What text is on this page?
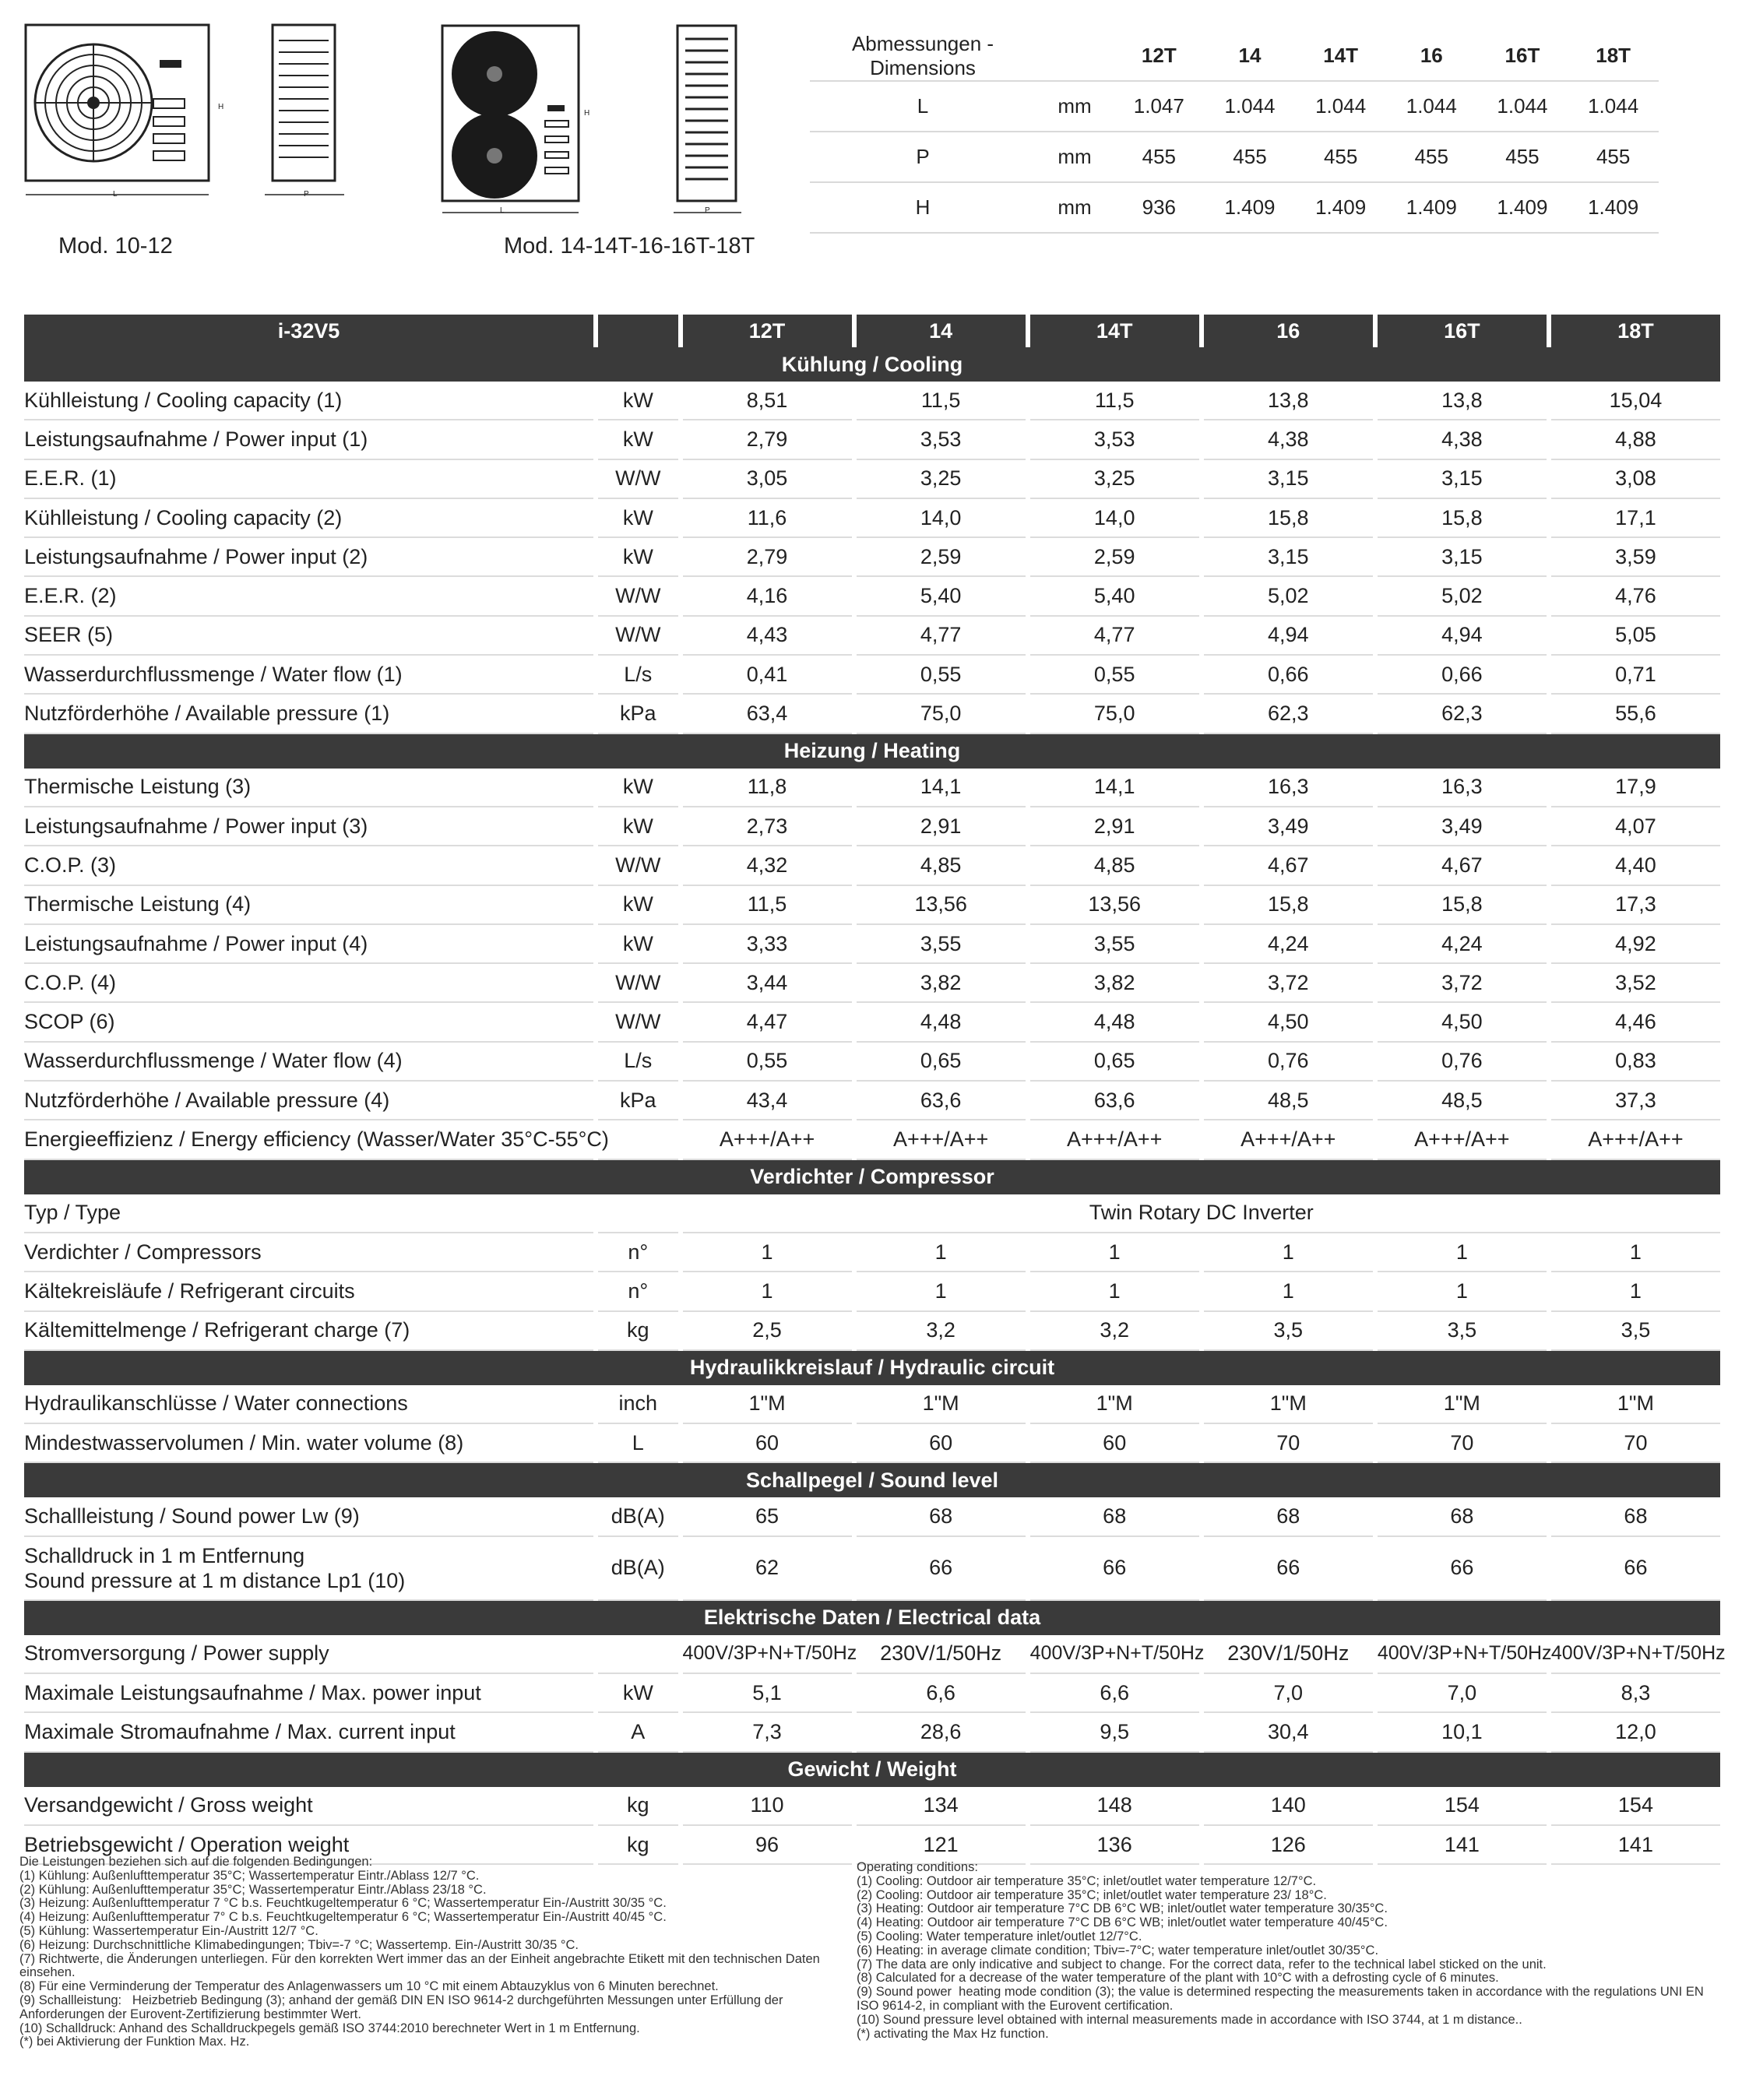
L
H
P
Mod. 10-12
L
H
P
Mod. 14-14T-16-16T-18T
Abmessungen - Dimensions		12T	14	14T	16	16T	18T
L	mm	1.047	1.044	1.044	1.044	1.044	1.044
P	mm	455	455	455	455	455	455
H	mm	936	1.409	1.409	1.409	1.409	1.409
i-32V5		12T	14	14T	16	16T	18T
Kühlung / Cooling							
Kühlleistung / Cooling capacity (1)	kW	8,51	11,5	11,5	13,8	13,8	15,04
Leistungsaufnahme / Power input (1)	kW	2,79	3,53	3,53	4,38	4,38	4,88
E.E.R. (1)	W/W	3,05	3,25	3,25	3,15	3,15	3,08
Kühlleistung / Cooling capacity (2)	kW	11,6	14,0	14,0	15,8	15,8	17,1
Leistungsaufnahme / Power input (2)	kW	2,79	2,59	2,59	3,15	3,15	3,59
E.E.R. (2)	W/W	4,16	5,40	5,40	5,02	5,02	4,76
SEER (5)	W/W	4,43	4,77	4,77	4,94	4,94	5,05
Wasserdurchflussmenge / Water flow (1)	L/s	0,41	0,55	0,55	0,66	0,66	0,71
Nutzförderhöhe / Available pressure (1)	kPa	63,4	75,0	75,0	62,3	62,3	55,6
Heizung / Heating							
Thermische Leistung (3)	kW	11,8	14,1	14,1	16,3	16,3	17,9
Leistungsaufnahme / Power input (3)	kW	2,73	2,91	2,91	3,49	3,49	4,07
C.O.P. (3)	W/W	4,32	4,85	4,85	4,67	4,67	4,40
Thermische Leistung (4)	kW	11,5	13,56	13,56	15,8	15,8	17,3
Leistungsaufnahme / Power input (4)	kW	3,33	3,55	3,55	4,24	4,24	4,92
C.O.P. (4)	W/W	3,44	3,82	3,82	3,72	3,72	3,52
SCOP (6)	W/W	4,47	4,48	4,48	4,50	4,50	4,46
Wasserdurchflussmenge / Water flow (4)	L/s	0,55	0,65	0,65	0,76	0,76	0,83
Nutzförderhöhe / Available pressure (4)	kPa	43,4	63,6	63,6	48,5	48,5	37,3
Energieeffizienz / Energy efficiency (Wasser/Water 35°C-55°C)		A+++/A++	A+++/A++	A+++/A++	A+++/A++	A+++/A++	A+++/A++
Verdichter / Compressor							
Typ / Type		Twin Rotary DC Inverter					
Verdichter / Compressors	n°	1	1	1	1	1	1
Kältekreisläufe / Refrigerant circuits	n°	1	1	1	1	1	1
Kältemittelmenge / Refrigerant charge (7)	kg	2,5	3,2	3,2	3,5	3,5	3,5
Hydraulikkreislauf / Hydraulic circuit							
Hydraulikanschlüsse / Water connections	inch	1"M	1"M	1"M	1"M	1"M	1"M
Mindestwasservolumen / Min. water volume (8)	L	60	60	60	70	70	70
Schallpegel / Sound level							
Schallleistung / Sound power Lw (9)	dB(A)	65	68	68	68	68	68

Schalldruck in 1 m Entfernung
Sound pressure at 1 m distance Lp1 (10)	dB(A)	62	66	66	66	66	66
Elektrische Daten / Electrical data							
Stromversorgung / Power supply		400V/3P+N+T/50Hz	230V/1/50Hz	400V/3P+N+T/50Hz	230V/1/50Hz	400V/3P+N+T/50Hz	400V/3P+N+T/50Hz
Maximale Leistungsaufnahme / Max. power input	kW	5,1	6,6	6,6	7,0	7,0	8,3
Maximale Stromaufnahme / Max. current input	A	7,3	28,6	9,5	30,4	10,1	12,0
Gewicht / Weight							
Versandgewicht / Gross weight	kg	110	134	148	140	154	154
Betriebsgewicht / Operation weight	kg	96	121	136	126	141	141
Die Leistungen beziehen sich auf die folgenden Bedingungen:
(1) Kühlung: Außenlufttemperatur 35°C; Wassertemperatur Eintr./Ablass 12/7 °C.
(2) Kühlung: Außenlufttemperatur 35°C; Wassertemperatur Eintr./Ablass 23/18 °C.
(3) Heizung: Außenlufttemperatur 7 °C b.s. Feuchtkugeltemperatur 6 °C; Wassertemperatur Ein-/Austritt 30/35 °C.
(4) Heizung: Außenlufttemperatur 7° C b.s. Feuchtkugeltemperatur 6 °C; Wassertemperatur Ein-/Austritt 40/45 °C.
(5) Kühlung: Wassertemperatur Ein-/Austritt 12/7 °C.
(6) Heizung: Durchschnittliche Klimabedingungen; Tbiv=-7 °C; Wassertemp. Ein-/Austritt 30/35 °C.
(7) Richtwerte, die Änderungen unterliegen. Für den korrekten Wert immer das an der Einheit angebrachte Etikett mit den technischen Daten einsehen.
(8) Für eine Verminderung der Temperatur des Anlagenwassers um 10 °C mit einem Abtauzyklus von 6 Minuten berechnet.
(9) Schallleistung:   Heizbetrieb Bedingung (3); anhand der gemäß DIN EN ISO 9614-2 durchgeführten Messungen unter Erfüllung der Anforderungen der Eurovent-Zertifizierung bestimmter Wert.
(10) Schalldruck: Anhand des Schalldruckpegels gemäß ISO 3744:2010 berechneter Wert in 1 m Entfernung.
(*) bei Aktivierung der Funktion Max. Hz.
Operating conditions:
(1) Cooling: Outdoor air temperature 35°C; inlet/outlet water temperature 12/7°C.
(2) Cooling: Outdoor air temperature 35°C; inlet/outlet water temperature 23/ 18°C.
(3) Heating: Outdoor air temperature 7°C DB 6°C WB; inlet/outlet water temperature 30/35°C.
(4) Heating: Outdoor air temperature 7°C DB 6°C WB; inlet/outlet water temperature 40/45°C.
(5) Cooling: Water temperature inlet/outlet 12/7°C.
(6) Heating: in average climate condition; Tbiv=-7°C; water temperature inlet/outlet 30/35°C.
(7) The data are only indicative and subject to change. For the correct data, refer to the technical label sticked on the unit.
(8) Calculated for a decrease of the water temperature of the plant with 10°C with a defrosting cycle of 6 minutes.
(9) Sound power  heating mode condition (3); the value is determined respecting the measurements taken in accordance with the regulations UNI EN ISO 9614-2, in compliant with the Eurovent certification.
(10) Sound pressure level obtained with internal measurements made in accordance with ISO 3744, at 1 m distance..
(*) activating the Max Hz function.
